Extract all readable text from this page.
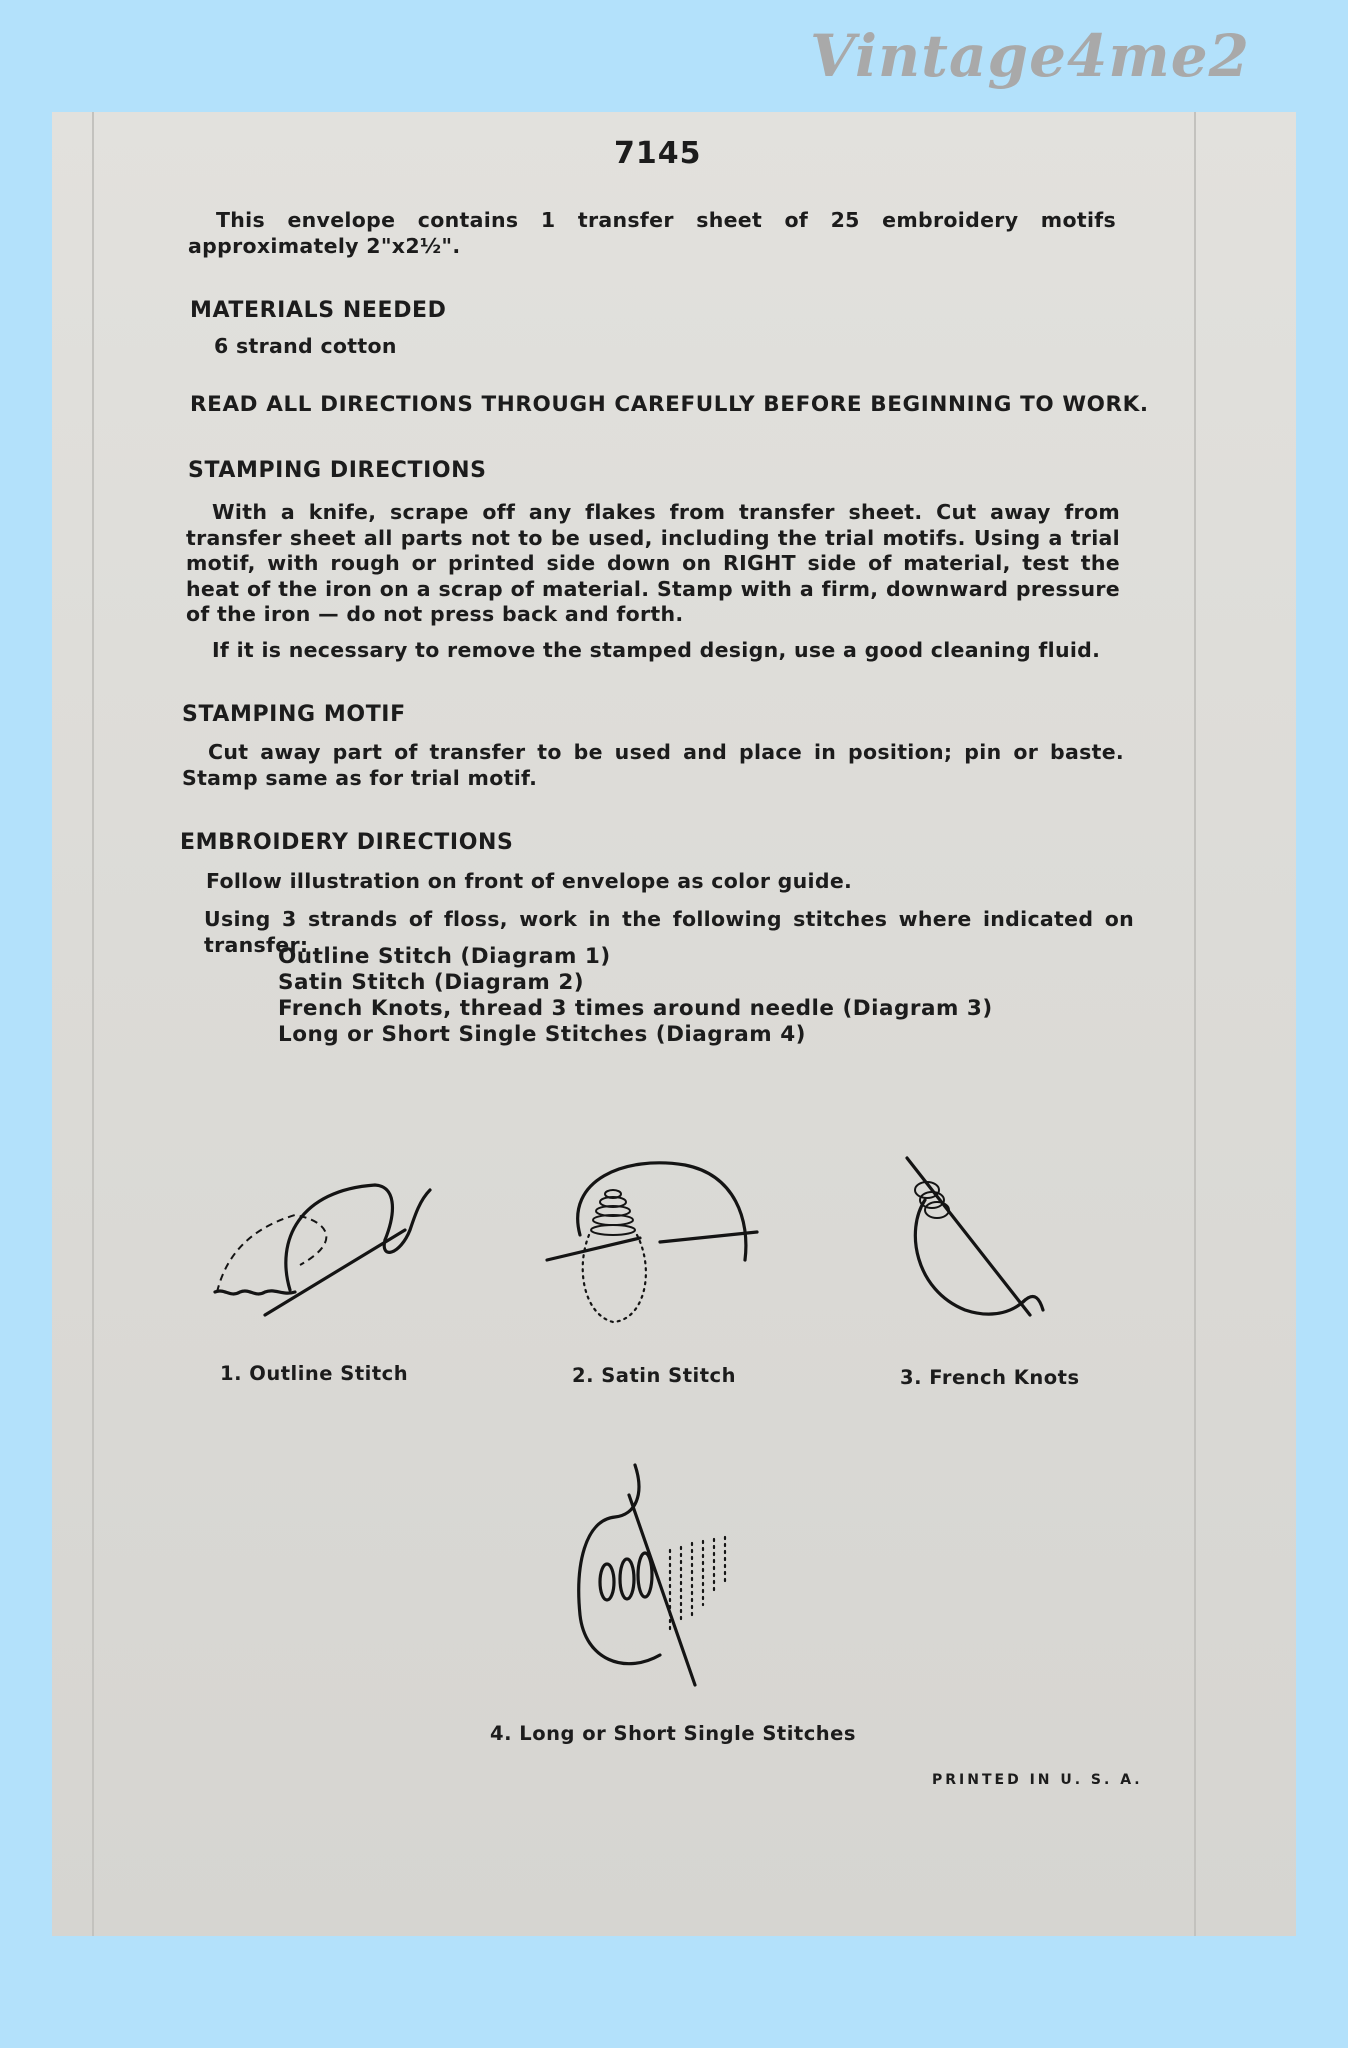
Vintage4me2
7145
This envelope contains 1 transfer sheet of 25 embroidery motifs approximately 2"x2½".
MATERIALS NEEDED
6 strand cotton
READ ALL DIRECTIONS THROUGH CAREFULLY BEFORE BEGINNING TO WORK.
STAMPING DIRECTIONS
With a knife, scrape off any flakes from transfer sheet. Cut away from transfer sheet all parts not to be used, including the trial motifs. Using a trial motif, with rough or printed side down on RIGHT side of material, test the heat of the iron on a scrap of material. Stamp with a firm, downward pressure of the iron — do not press back and forth.
If it is necessary to remove the stamped design, use a good cleaning fluid.
STAMPING MOTIF
Cut away part of transfer to be used and place in position; pin or baste. Stamp same as for trial motif.
EMBROIDERY DIRECTIONS
Follow illustration on front of envelope as color guide.
Using 3 strands of floss, work in the following stitches where indicated on transfer:
Outline Stitch (Diagram 1)
Satin Stitch (Diagram 2)
French Knots, thread 3 times around needle (Diagram 3)
Long or Short Single Stitches (Diagram 4)
1. Outline Stitch	2. Satin Stitch	3. French Knots
4. Long or Short Single Stitches
PRINTED IN U. S. A.
